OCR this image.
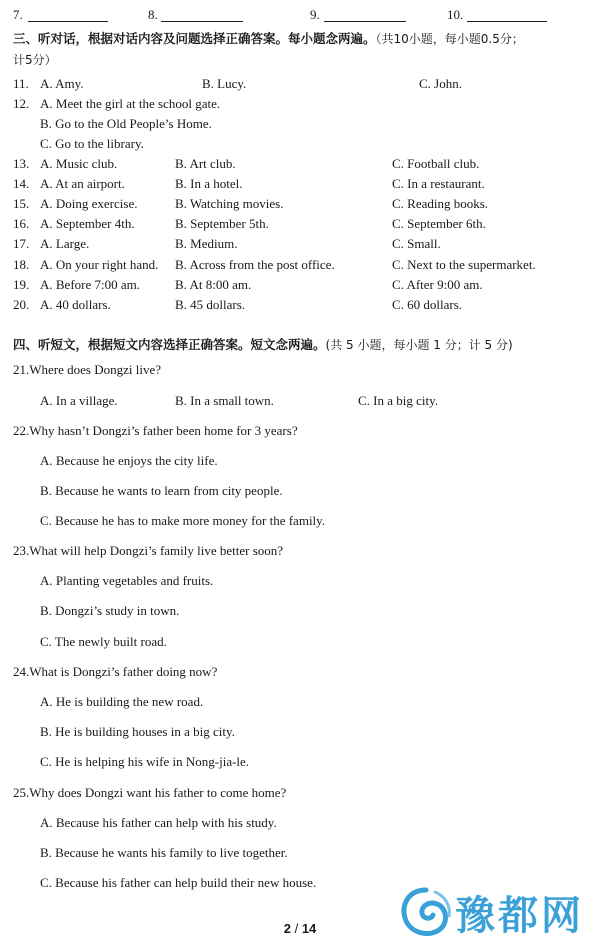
7.	8.	9.	10.
三、听对话，根据对话内容及问题选择正确答案。每小题念两遍。（共10小题，每小题0.5分；
计5分）
11. A. Amy.	B. Lucy.	C. John.
12. A. Meet the girl at the school gate.
B. Go to the Old People’s Home.
C. Go to the library.
13. A. Music club.	B. Art club.	C. Football club.
14. A. At an airport.	B. In a hotel.	C. In a restaurant.
15. A. Doing exercise.	B. Watching movies.	C. Reading books.
16. A. September 4th.	B. September 5th.	C. September 6th.
17. A. Large.	B. Medium.	C. Small.
18. A. On your right hand. B. Across from the post office.	C. Next to the supermarket.
19. A. Before 7:00 am.	B. At 8:00 am.	C. After 9:00 am.
20. A. 40 dollars.	B. 45 dollars.	C. 60 dollars.
四、听短文，根据短文内容选择正确答案。短文念两遍。(共 5 小题，每小题 1 分；计 5 分)
21.Where does Dongzi live?
A. In a village.	B. In a small town.	C. In a big city.
22.Why hasn’t Dongzi’s father been home for 3 years?
A. Because he enjoys the city life.
B. Because he wants to learn from city people.
C. Because he has to make more money for the family.
23.What will help Dongzi’s family live better soon?
A. Planting vegetables and fruits.
B. Dongzi’s study in town.
C. The newly built road.
24.What is Dongzi’s father doing now?
A. He is building the new road.
B. He is building houses in a big city.
C. He is helping his wife in Nong-jia-le.
25.Why does Dongzi want his father to come home?
A. Because his father can help with his study.
B. Because he wants his family to live together.
C. Because his father can help build their new house.
豫都网
2 / 14
